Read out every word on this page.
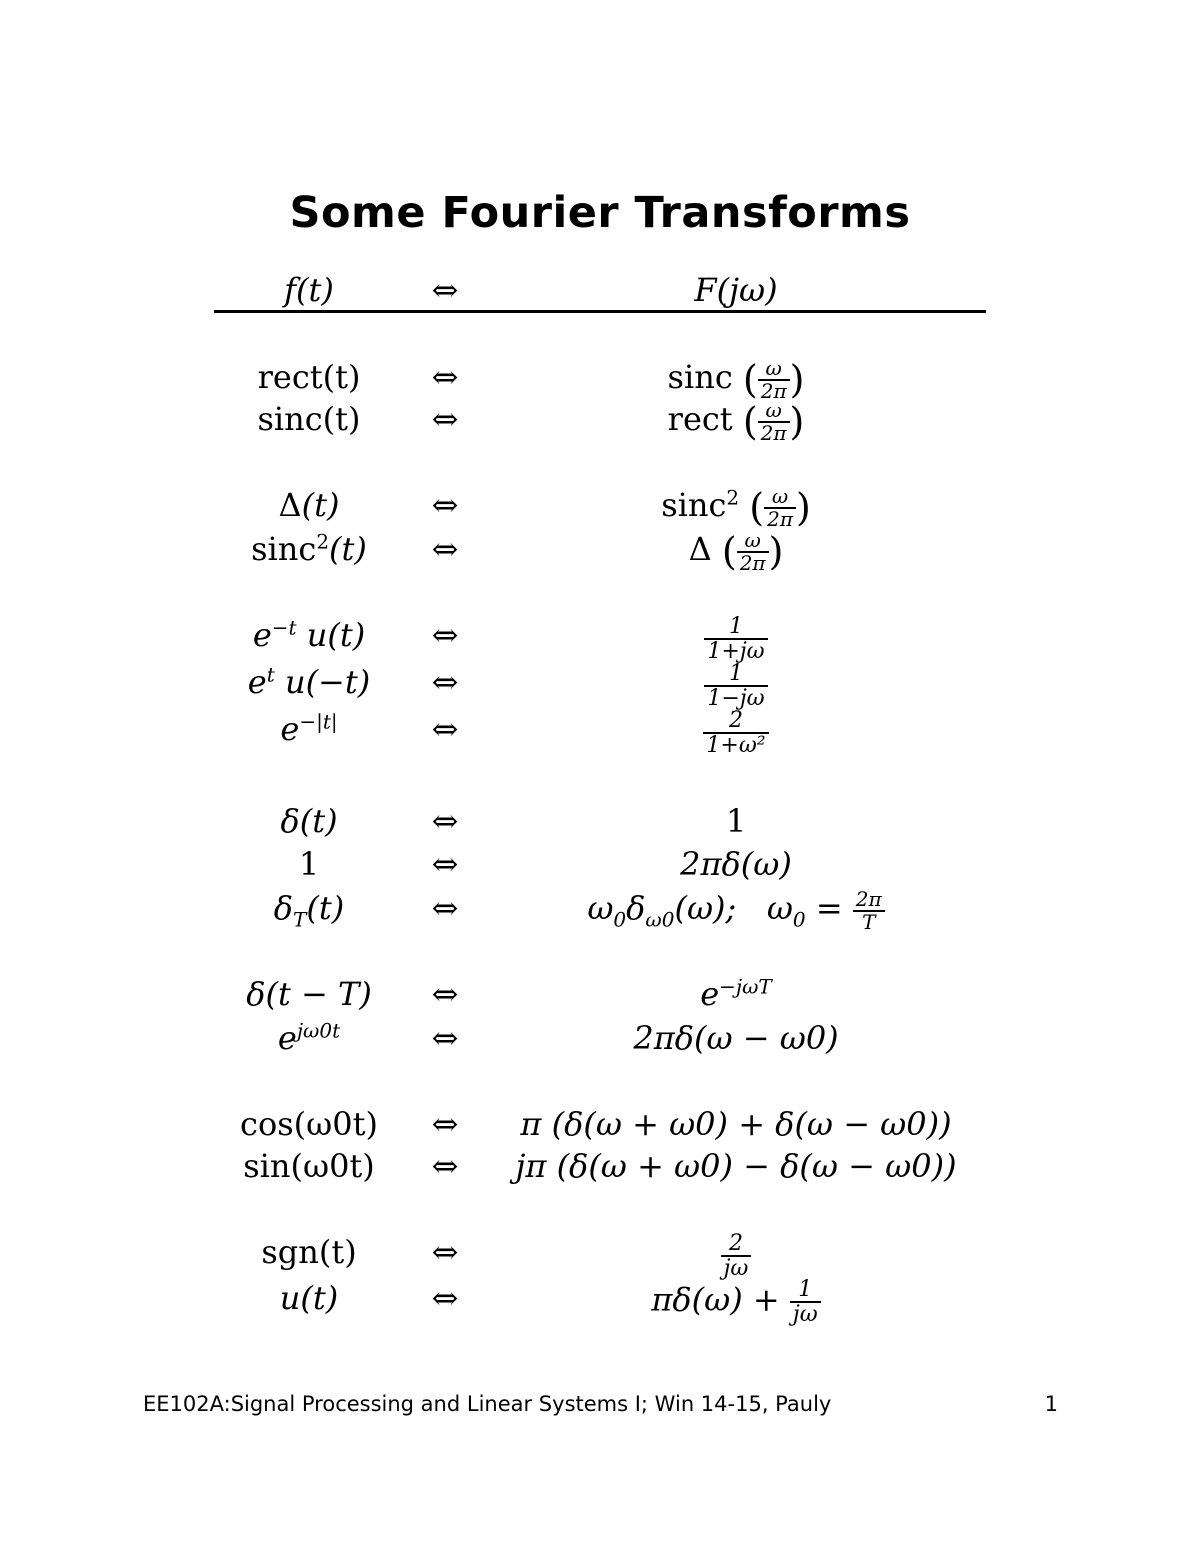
Some Fourier Transforms
f(t)	⇔	F(jω)
rect(t)	⇔	sinc ( $\frac{\omega}{2\pi}$ )
sinc(t)	⇔	rect ( $\frac{\omega}{2\pi}$ )
Δ(t)	⇔	sinc$^2$ ( $\frac{\omega}{2\pi}$ )
sinc$^2$(t)	⇔	Δ ( $\frac{\omega}{2\pi}$ )
$e^{-t}$ u(t)	⇔	$\frac{1}{1+j\omega}$
$e^t$ u(−t)	⇔	$\frac{1}{1-j\omega}$
$e^{-|t|}$	⇔	$\frac{2}{\text{1+ω²}}$
δ(t)	⇔	1
1	⇔	2πδ(ω)
$\delta_T(t)$	⇔	$\omega_0\delta_{\omega 0}(\omega)$;   $\omega_0 = \frac{2\pi}{T}$
δ(t − T)	⇔	$e^{-j\omega T}$
$e^{j\omega 0t}$	⇔	2πδ(ω − ω0)
cos(ω0t)	⇔	π (δ(ω + ω0) + δ(ω − ω0))
sin(ω0t)	⇔	jπ (δ(ω + ω0) − δ(ω − ω0))
sgn(t)	⇔	$\frac{2}{j\omega}$
u(t)	⇔	$\pi\delta(\omega) + \frac{1}{j\omega}$
EE102A:Signal Processing and Linear Systems I; Win 14-15, Pauly	1
